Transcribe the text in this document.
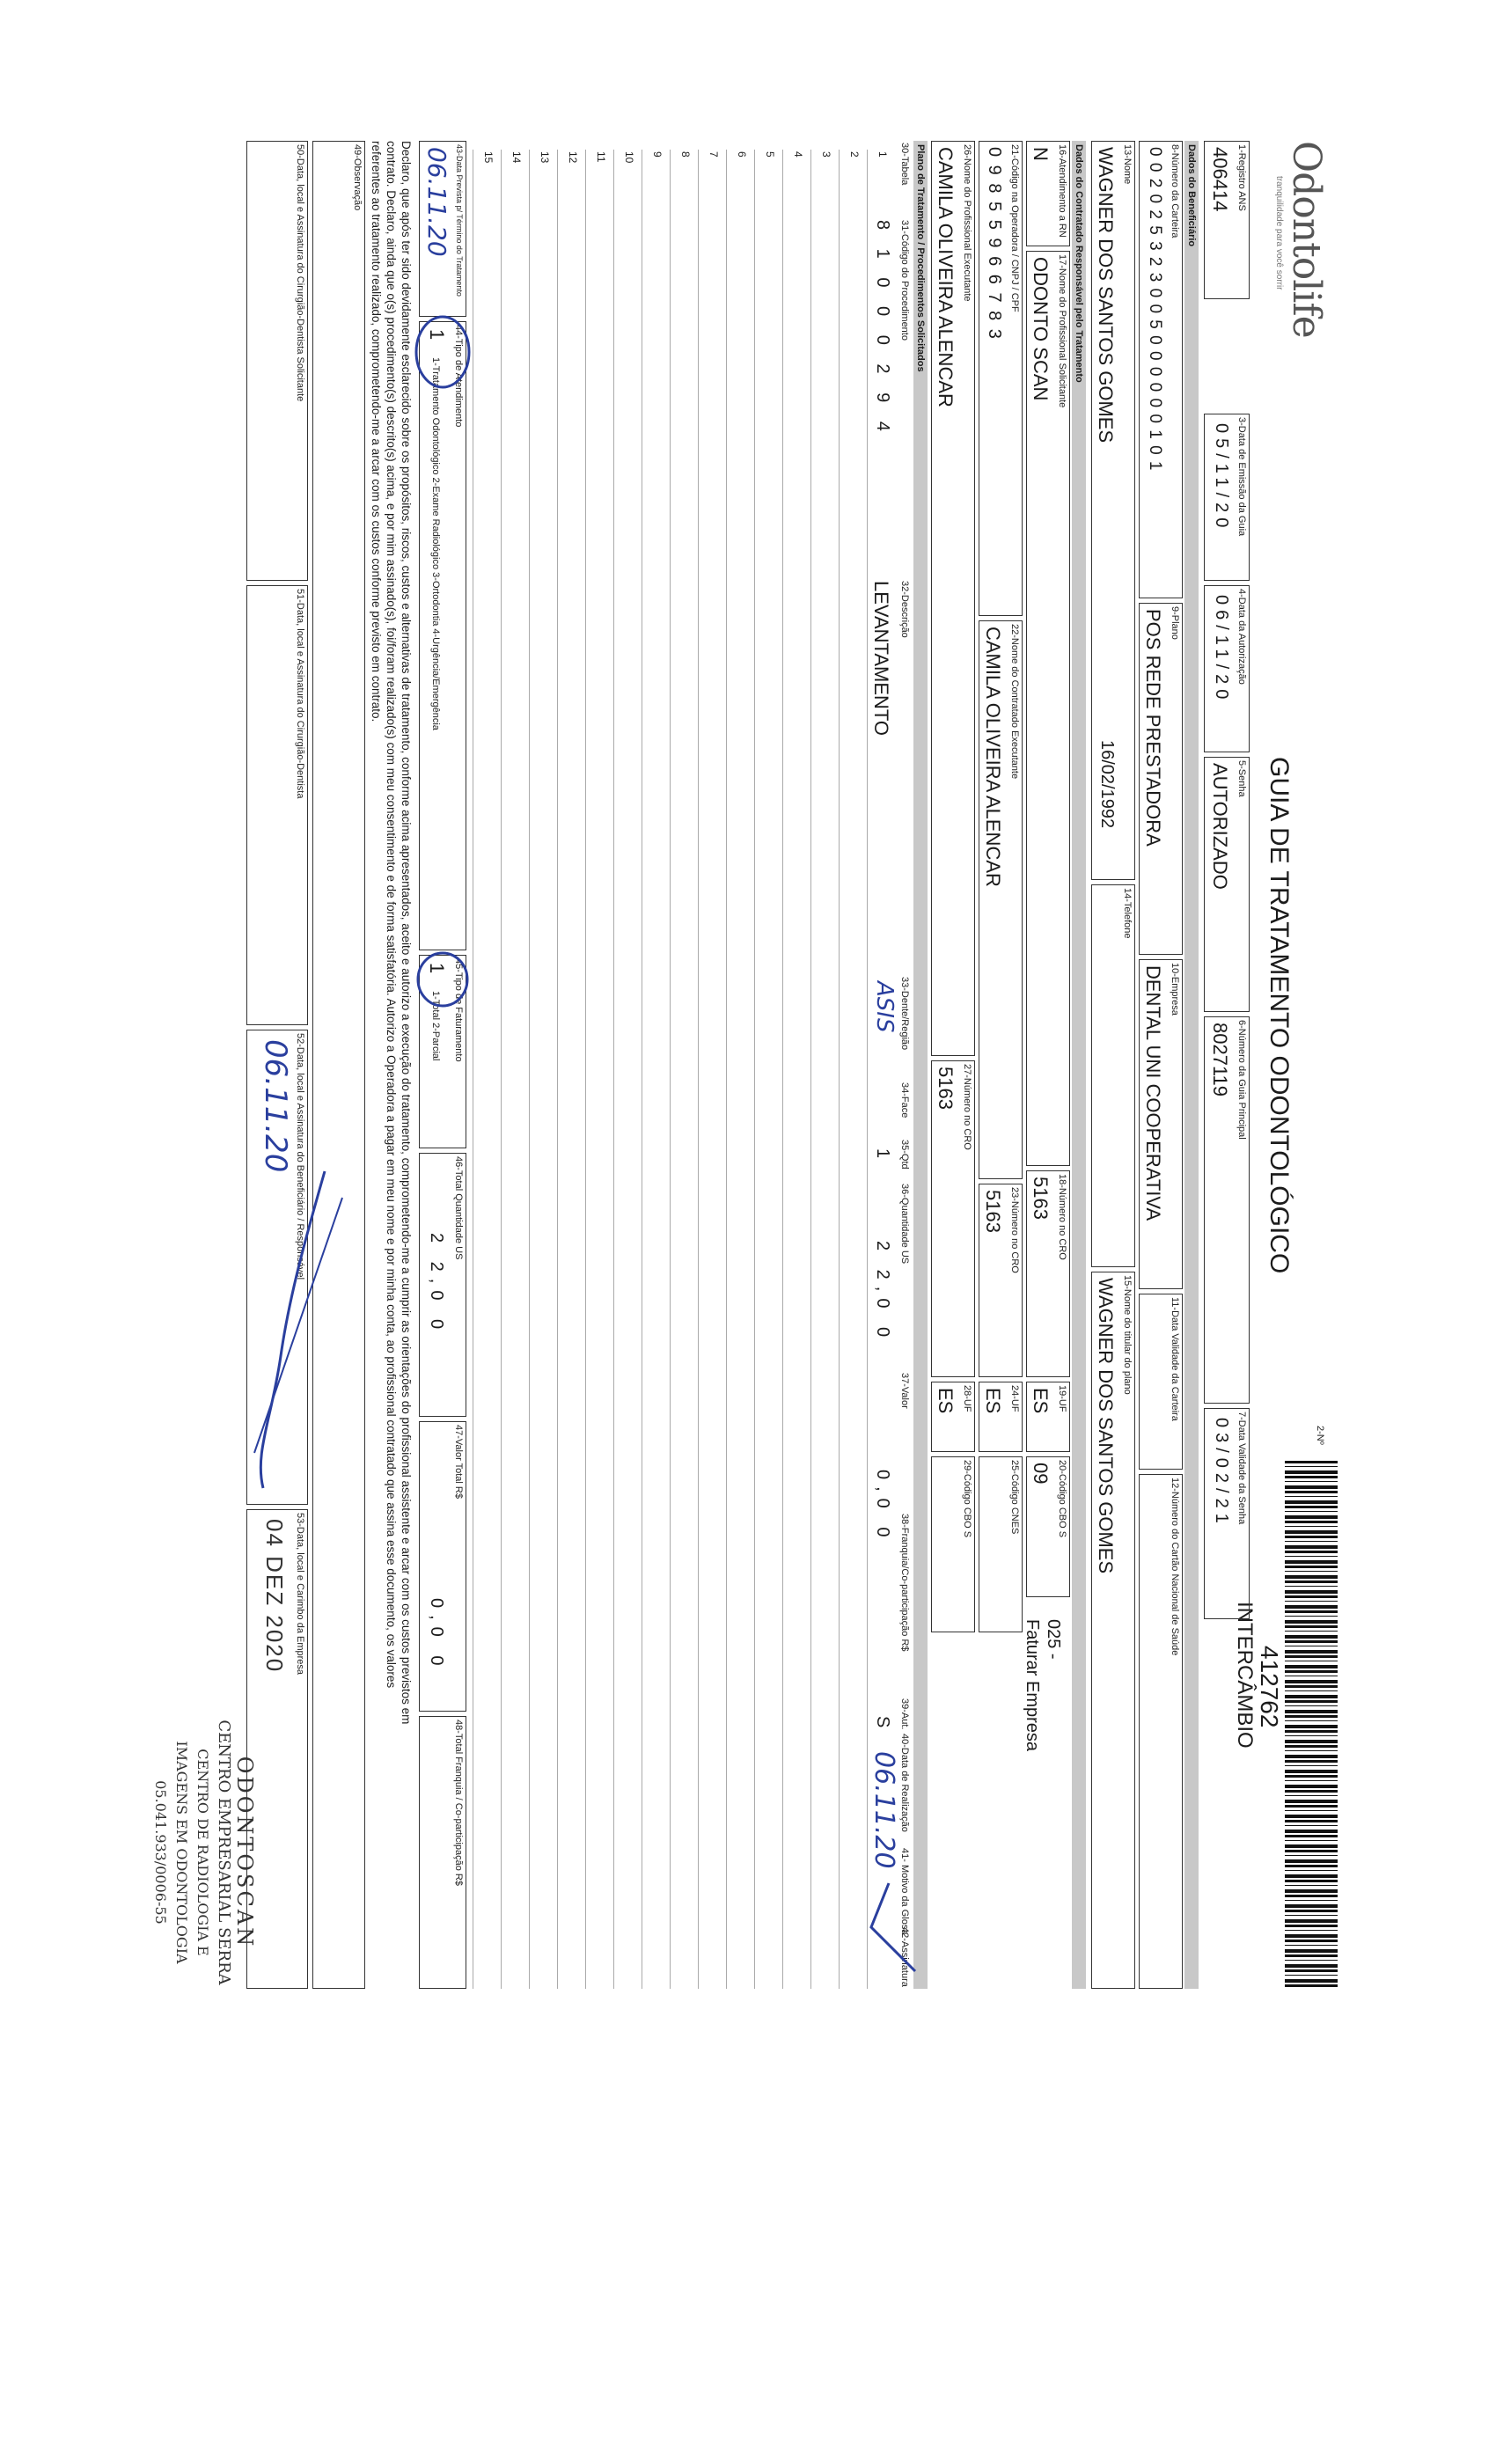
Odontolife
tranquilidade para você sorrir
GUIA DE TRATAMENTO ODONTOLÓGICO
2-Nº
412762
INTERCÂMBIO
1-Registro ANS
406414
3-Data de Emissão da Guia
05/11/20
4-Data da Autorização
06/11/20
5-Senha
AUTORIZADO
6-Número da Guia Principal
8027119
7-Data Validade da Senha
03/02/21
Dados do Beneficiário
8-Número da Carteira
0 0 2 0 2 5 3 2 3 0 0 5 0 0 0 0 0 0 1 0 1
9-Plano
POS REDE PRESTADORA
10-Empresa
DENTAL UNI COOPERATIVA
11-Data Validade da Carteira
12-Número do Cartão Nacional de Saúde
13-Nome
WAGNER DOS SANTOS GOMES
16/02/1992
14-Telefone
15-Nome do titular do plano
WAGNER DOS SANTOS GOMES
Dados do Contratado Responsável pelo Tratamento
16-Atendimento a RN
N
17-Nome do Profissional Solicitante
ODONTO SCAN
18-Número no CRO
5163
19-UF
ES
20-Código CBO S
09
025 -
Faturar Empresa
21-Código na Operadora / CNPJ / CPF
0 9 8 5 5 9 6 6 7 8 3
22-Nome do Contratado Executante
CAMILA OLIVEIRA ALENCAR
23-Número no CRO
5163
24-UF
ES
25-Código CNES
26-Nome do Profissional Executante
CAMILA OLIVEIRA ALENCAR
27-Número no CRO
5163
28-UF
ES
29-Código CBO S
Plano de Tratamento / Procedimentos Solicitados
30-Tabela
31-Código do Procedimento
32-Descrição
33-Dente/Região
34-Face
35-Qtd
36-Quantidade US
37-Valor
38-Franquia/Co-participação R$
39-Aut.
40-Data de Realização
41- Motivo da Glosa
42-Assinatura
1
8 1 0 0 0 2 9 4
LEVANTAMENTO
ASIS
1
2 2,0 0
0,0 0
S
06.11.20
2
3
4
5
6
7
8
9
10
11
12
13
14
15
43-Data Prevista p/ Término do Tratamento
06.11.20
44-Tipo de Atendimento
1
1-Tratamento Odontológico 2-Exame Radiológico 3-Ortodontia 4-Urgência/Emergência
45-Tipo de Faturamento
1
1-Total 2-Parcial
46-Total Quantidade US
2 2,0 0
47-Valor Total R$
0,0 0
48-Total Franquia / Co-participação R$
Declaro, que após ter sido devidamente esclarecido sobre os propósitos, riscos, custos e alternativas de tratamento, conforme acima apresentados, aceito e autorizo a execução do tratamento, comprometendo-me a cumprir as orientações do profissional assistente e arcar com os custos previstos em
contrato. Declaro, ainda que o(s) procedimento(s) descrito(s) acima, e por mim assinado(s), foi/foram realizado(s) com meu consentimento e de forma satisfatória. Autorizo a Operadora a pagar em meu nome e por minha conta, ao profissional contratado que assina esse documento, os valores
referentes ao tratamento realizado, comprometendo-me a arcar com os custos conforme previsto em contrato.
49-Observação
50-Data, local e Assinatura do Cirurgião-Dentista Solicitante
51-Data, local e Assinatura do Cirurgião-Dentista
52-Data, local e Assinatura do Beneficiário / Responsável
06.11.20
53-Data, local e Carimbo da Empresa
04 DEZ 2020
ODONTOSCAN
CENTRO EMPRESARIAL SERRA
CENTRO DE RADIOLOGIA E
IMAGENS EM ODONTOLOGIA
05.041.933/0006-55
